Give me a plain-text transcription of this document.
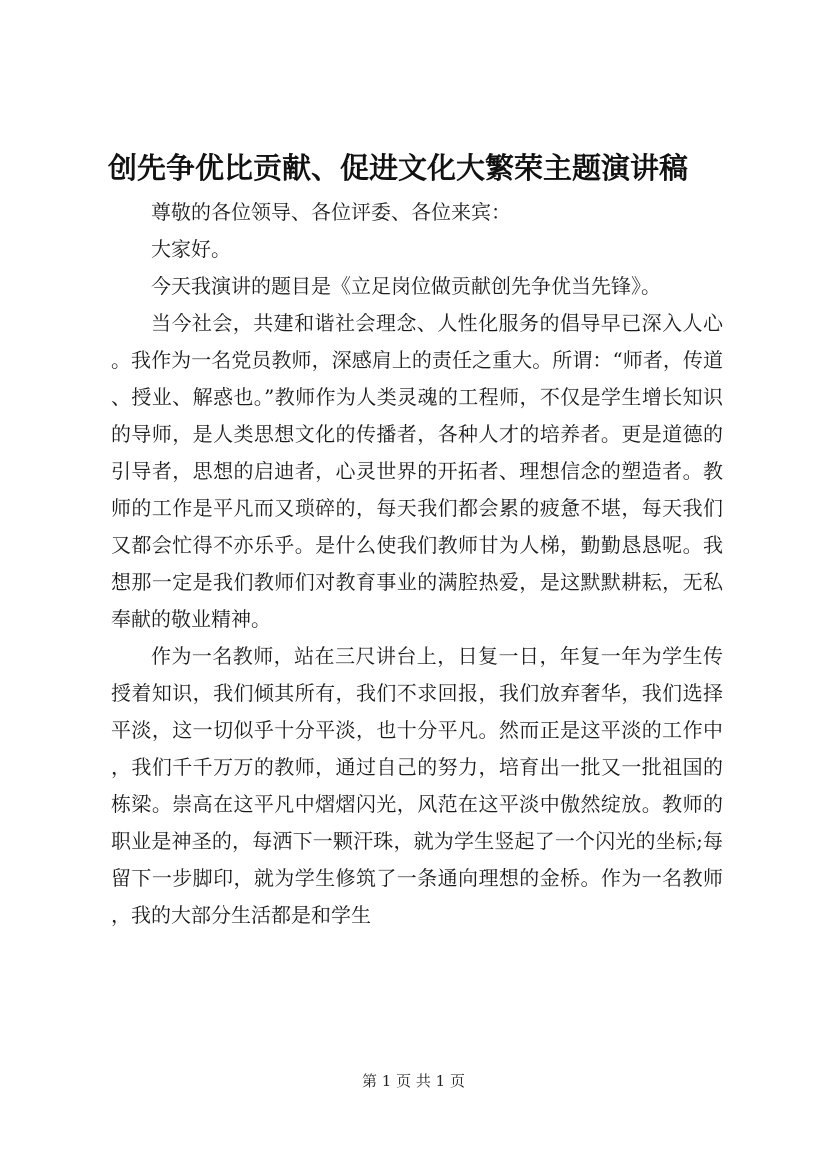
创先争优比贡献、促进文化大繁荣主题演讲稿

尊敬的各位领导、各位评委、各位来宾：

大家好。

今天我演讲的题目是《立足岗位做贡献创先争优当先锋》。

当今社会，共建和谐社会理念、人性化服务的倡导早已深入人心。我作为一名党员教师，深感肩上的责任之重大。所谓：“师者，传道、授业、解惑也。”教师作为人类灵魂的工程师，不仅是学生增长知识的导师，是人类思想文化的传播者，各种人才的培养者。更是道德的引导者，思想的启迪者，心灵世界的开拓者、理想信念的塑造者。教师的工作是平凡而又琐碎的，每天我们都会累的疲惫不堪，每天我们又都会忙得不亦乐乎。是什么使我们教师甘为人梯，勤勤恳恳呢。我想那一定是我们教师们对教育事业的满腔热爱，是这默默耕耘，无私奉献的敬业精神。

作为一名教师，站在三尺讲台上，日复一日，年复一年为学生传授着知识，我们倾其所有，我们不求回报，我们放弃奢华，我们选择平淡，这一切似乎十分平淡，也十分平凡。然而正是这平淡的工作中，我们千千万万的教师，通过自己的努力，培育出一批又一批祖国的栋梁。崇高在这平凡中熠熠闪光，风范在这平淡中傲然绽放。教师的职业是神圣的，每洒下一颗汗珠，就为学生竖起了一个闪光的坐标;每留下一步脚印，就为学生修筑了一条通向理想的金桥。作为一名教师，我的大部分生活都是和学生

第 1 页 共 1 页
